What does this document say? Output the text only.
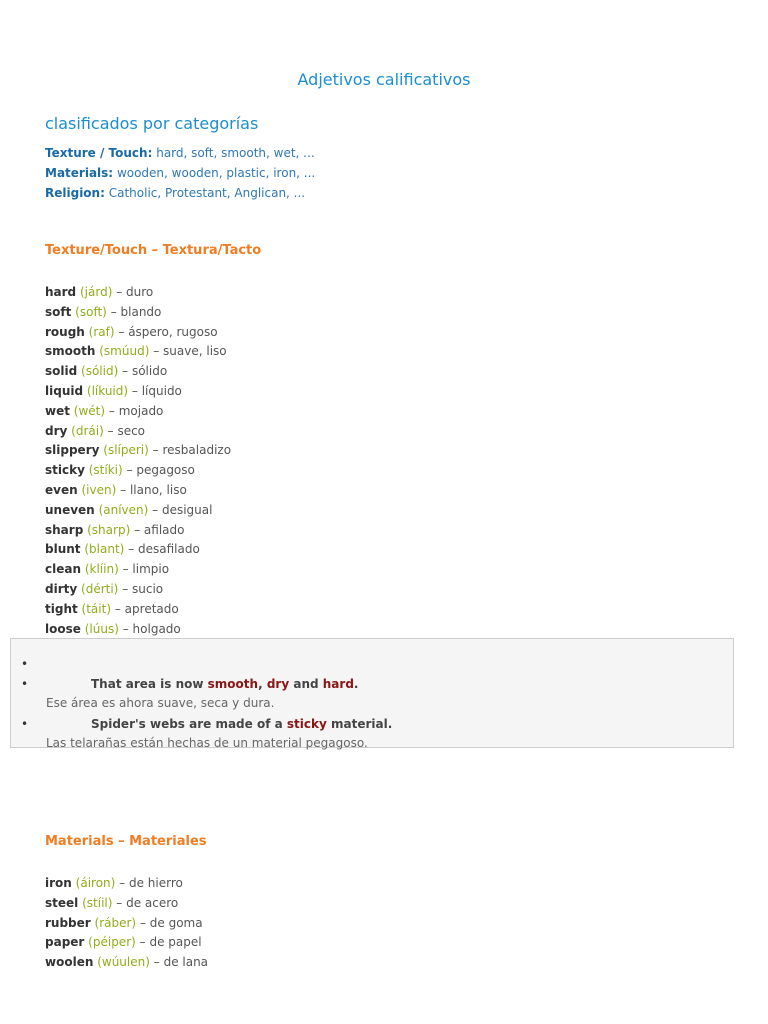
Adjetivos calificativos
clasificados por categorías
Texture / Touch: hard, soft, smooth, wet, ...
Materials: wooden, wooden, plastic, iron, ...
Religion: Catholic, Protestant, Anglican, ...
Texture/Touch – Textura/Tacto
hard (járd) – duro
soft (soft) – blando
rough (raf) – áspero, rugoso
smooth (smúud) – suave, liso
solid (sólid) – sólido
liquid (líkuid) – líquido
wet (wét) – mojado
dry (drái) – seco
slippery (slíperi) – resbaladizo
sticky (stíki) – pegagoso
even (iven) – llano, liso
uneven (aníven) – desigual
sharp (sharp) – afilado
blunt (blant) – desafilado
clean (klíin) – limpio
dirty (dérti) – sucio
tight (táit) – apretado
loose (lúus) – holgado
•
•	That area is now smooth, dry and hard.
Ese área es ahora suave, seca y dura.
•	Spider's webs are made of a sticky material.
Las telarañas están hechas de un material pegagoso.
Materials – Materiales
iron (áiron) – de hierro
steel (stíil) – de acero
rubber (ráber) – de goma
paper (péiper) – de papel
woolen (wúulen) – de lana
